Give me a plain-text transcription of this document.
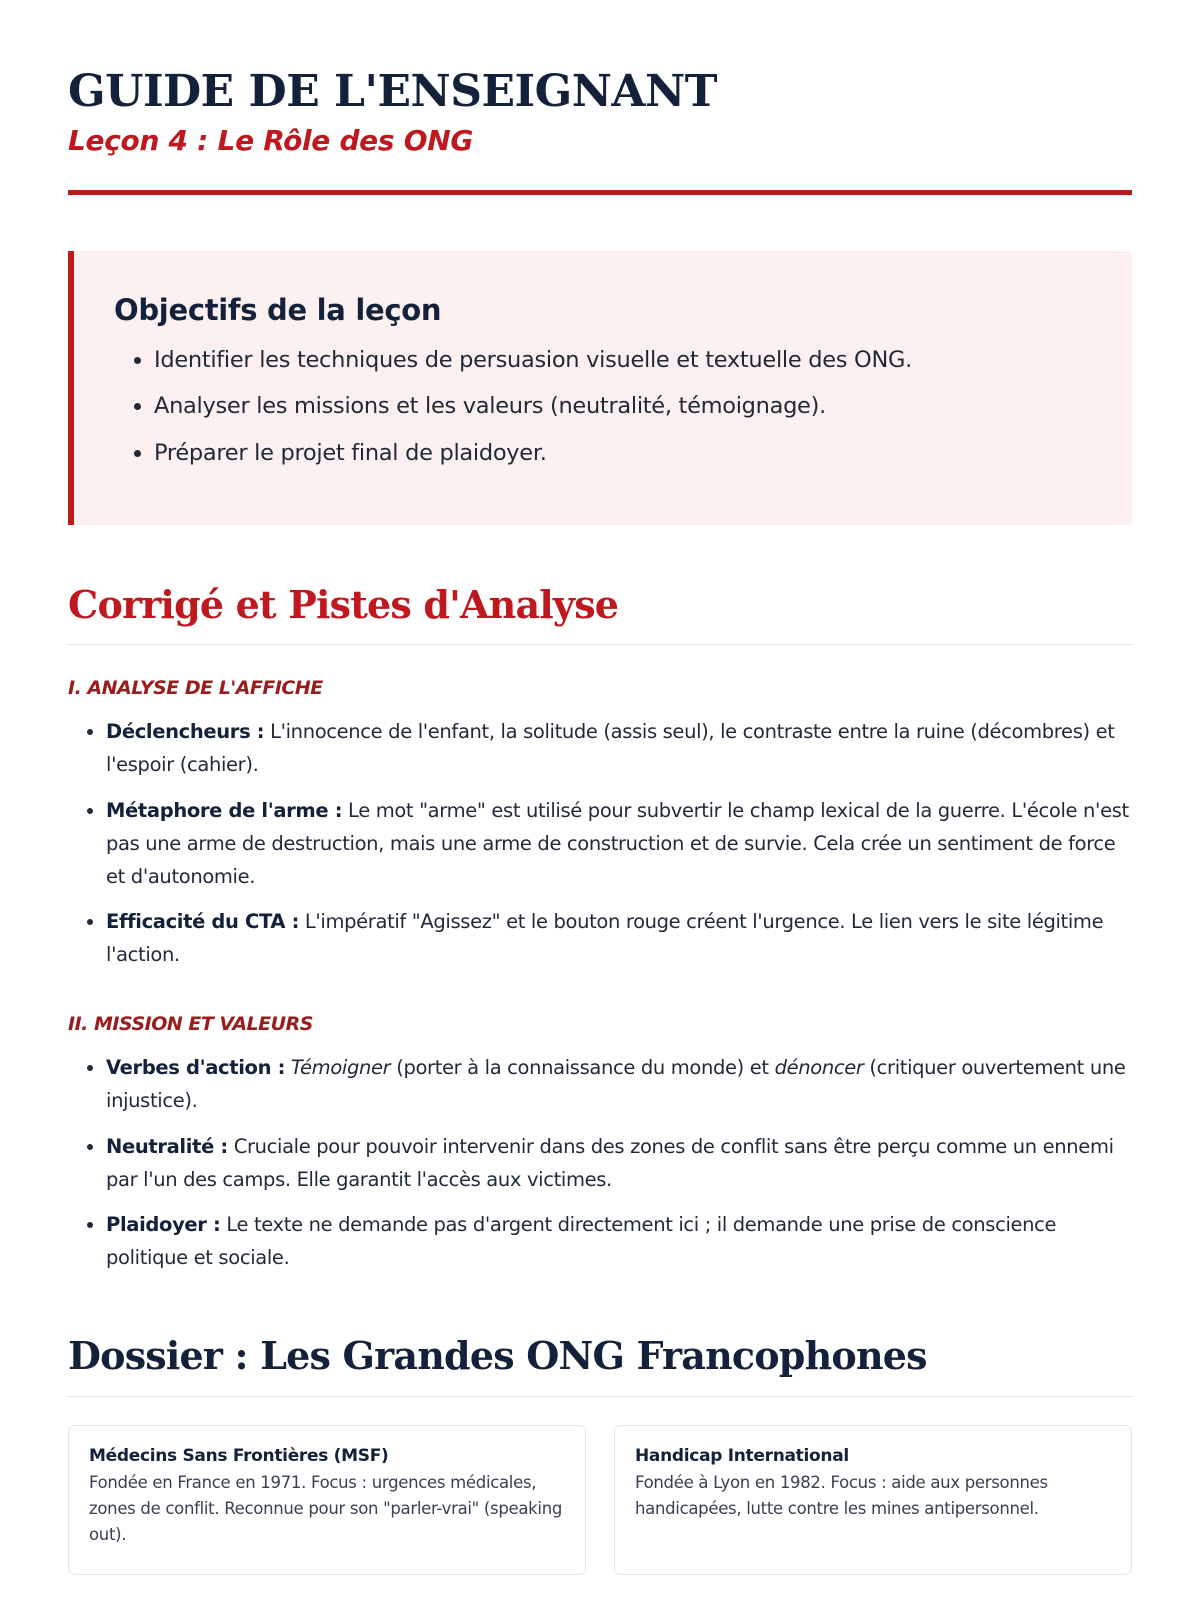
GUIDE DE L'ENSEIGNANT

Leçon 4 : Le Rôle des ONG

Objectifs de la leçon
• Identifier les techniques de persuasion visuelle et textuelle des ONG.
• Analyser les missions et les valeurs (neutralité, témoignage).
• Préparer le projet final de plaidoyer.
Corrigé et Pistes d'Analyse
I. ANALYSE DE L'AFFICHE
• Déclencheurs : L'innocence de l'enfant, la solitude (assis seul), le contraste entre la ruine (décombres) et l'espoir (cahier).
• Métaphore de l'arme : Le mot "arme" est utilisé pour subvertir le champ lexical de la guerre. L'école n'est pas une arme de destruction, mais une arme de construction et de survie. Cela crée un sentiment de force et d'autonomie.
• Efficacité du CTA : L'impératif "Agissez" et le bouton rouge créent l'urgence. Le lien vers le site légitime l'action.
II. MISSION ET VALEURS
• Verbes d'action : Témoigner (porter à la connaissance du monde) et dénoncer (critiquer ouvertement une injustice).
• Neutralité : Cruciale pour pouvoir intervenir dans des zones de conflit sans être perçu comme un ennemi par l'un des camps. Elle garantit l'accès aux victimes.
• Plaidoyer : Le texte ne demande pas d'argent directement ici ; il demande une prise de conscience politique et sociale.
Dossier : Les Grandes ONG Francophones

Médecins Sans Frontières (MSF)

Fondée en France en 1971. Focus : urgences médicales, zones de conflit. Reconnue pour son "parler-vrai" (speaking out).

Handicap International

Fondée à Lyon en 1982. Focus : aide aux personnes handicapées, lutte contre les mines antipersonnel.
